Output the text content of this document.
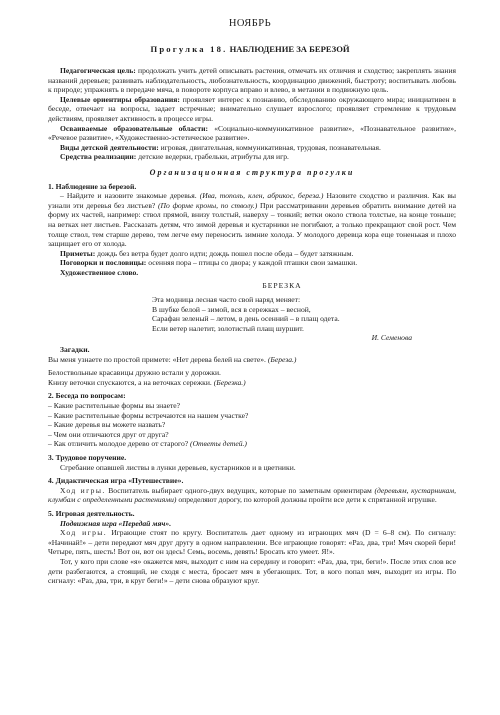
НОЯБРЬ
Прогулка 18. НАБЛЮДЕНИЕ ЗА БЕРЕЗОЙ

Педагогическая цель: продолжать учить детей описывать растения, отмечать их отличия и сходство; закреплять знания названий деревьев; развивать наблюдательность, любознательность, координацию движений, быстроту; воспитывать любовь к природе; упражнять в передаче мяча, в повороте корпуса вправо и влево, в метании в подвижную цель.

Целевые ориентиры образования: проявляет интерес к познанию, обследованию окружающего мира; инициативен в беседе, отвечает на вопросы, задает встречные; внимательно слушает взрослого; проявляет стремление к трудовым действиям, проявляет активность в процессе игры.

Осваиваемые образовательные области: «Социально-коммуникативное развитие», «Познавательное развитие», «Речевое развитие», «Художественно-эстетическое развитие».

Виды детской деятельности: игровая, двигательная, коммуникативная, трудовая, познавательная.

Средства реализации: детские ведерки, грабельки, атрибуты для игр.

Организационная структура прогулки

1. Наблюдение за березой.

– Найдите и назовите знакомые деревья. (Ива, тополь, клен, абрикос, береза.) Назовите сходство и различия. Как вы узнали эти деревья без листьев? (По форме кроны, по стволу.) При рассматривании деревьев обратить внимание детей на форму их частей, например: ствол прямой, внизу толстый, наверху – тонкий; ветки около ствола толстые, на конце тоньше; на ветках нет листьев. Рассказать детям, что зимой деревья и кустарники не погибают, а только прекращают свой рост. Чем толще ствол, тем старше дерево, тем легче ему переносить зимние холода. У молодого деревца кора еще тоненькая и плохо защищает его от холода.

Приметы: дождь без ветра будет долго идти; дождь пошел после обеда – будет затяжным.

Поговорки и пословицы: осенняя пора – птицы со двора; у каждой пташки свои замашки.

Художественное слово.

БЕРЕЗКА
Эта модница лесная часто свой наряд меняет:
В шубке белой – зимой, вся в сережках – весной,
Сарафан зеленый – летом, в день осенний – в плащ одета.
Если ветер налетит, золотистый плащ шуршит.
И. Семенова

Загадки.

Вы меня узнаете по простой примете: «Нет дерева белей на свете». (Береза.)

Белоствольные красавицы дружно встали у дорожки.

Книзу веточки спускаются, а на веточках сережки. (Березка.)

2. Беседа по вопросам:

– Какие растительные формы вы знаете?

– Какие растительные формы встречаются на нашем участке?

– Какие деревья вы можете назвать?

– Чем они отличаются друг от друга?

– Как отличить молодое дерево от старого? (Ответы детей.)

3. Трудовое поручение.

Сгребание опавшей листвы в лунки деревьев, кустарников и в цветники.

4. Дидактическая игра «Путешествие».

Ход игры. Воспитатель выбирает одного-двух ведущих, которые по заметным ориентирам (деревьям, кустарникам, клумбам с определенными растениями) определяют дорогу, по которой должны пройти все дети к спрятанной игрушке.

5. Игровая деятельность.

Подвижная игра «Передай мяч».

Ход игры. Играющие стоят по кругу. Воспитатель дает одному из играющих мяч (D = 6–8 см). По сигналу: «Начинай!» – дети передают мяч друг другу в одном направлении. Все играющие говорят: «Раз, два, три! Мяч скорей бери! Четыре, пять, шесть! Вот он, вот он здесь! Семь, восемь, девять! Бросать кто умеет. Я!».

Тот, у кого при слове «я» окажется мяч, выходит с ним на середину и говорит: «Раз, два, три, беги!». После этих слов все дети разбегаются, а стоящий, не сходя с места, бросает мяч в убегающих. Тот, в кого попал мяч, выходит из игры. По сигналу: «Раз, два, три, в круг беги!» – дети снова образуют круг.
